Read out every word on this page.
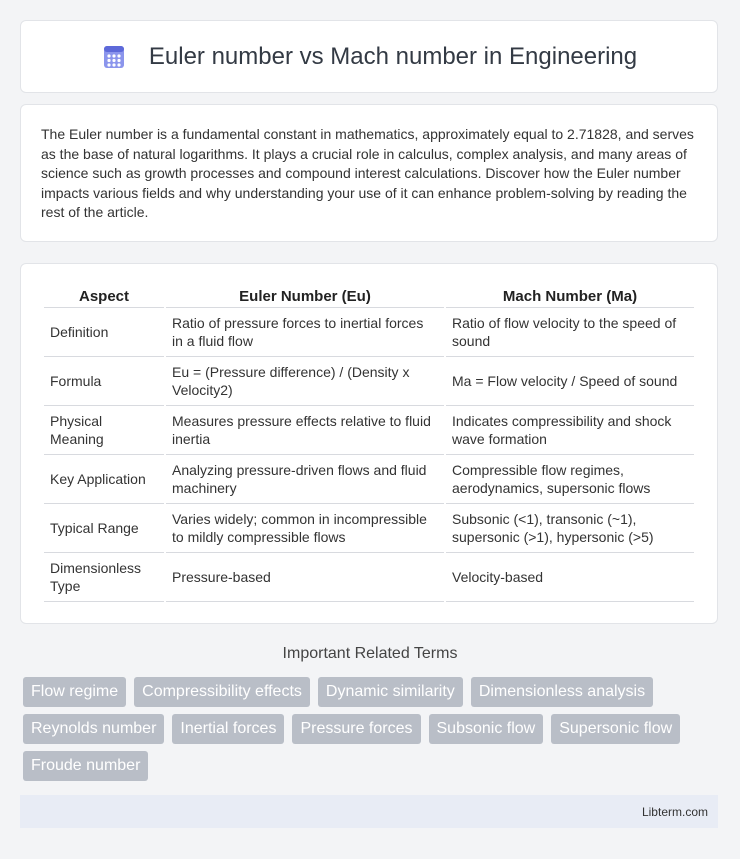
Euler number vs Mach number in Engineering

The Euler number is a fundamental constant in mathematics, approximately equal to 2.71828, and serves as the base of natural logarithms. It plays a crucial role in calculus, complex analysis, and many areas of science such as growth processes and compound interest calculations. Discover how the Euler number impacts various fields and why understanding your use of it can enhance problem-solving by reading the rest of the article.

Aspect	Euler Number (Eu)	Mach Number (Ma)
Definition	Ratio of pressure forces to inertial forces in a fluid flow	Ratio of flow velocity to the speed of sound
Formula	Eu = (Pressure difference) / (Density x Velocity2)	Ma = Flow velocity / Speed of sound
Physical Meaning	Measures pressure effects relative to fluid inertia	Indicates compressibility and shock wave formation
Key Application	Analyzing pressure-driven flows and fluid machinery	Compressible flow regimes, aerodynamics, supersonic flows
Typical Range	Varies widely; common in incompressible to mildly compressible flows	Subsonic (<1), transonic (~1), supersonic (>1), hypersonic (>5)
Dimensionless Type	Pressure-based	Velocity-based
Important Related Terms
Flow regime	Compressibility effects	Dynamic similarity	Dimensionless analysis
Reynolds number	Inertial forces	Pressure forces	Subsonic flow	Supersonic flow
Froude number
Libterm.com
